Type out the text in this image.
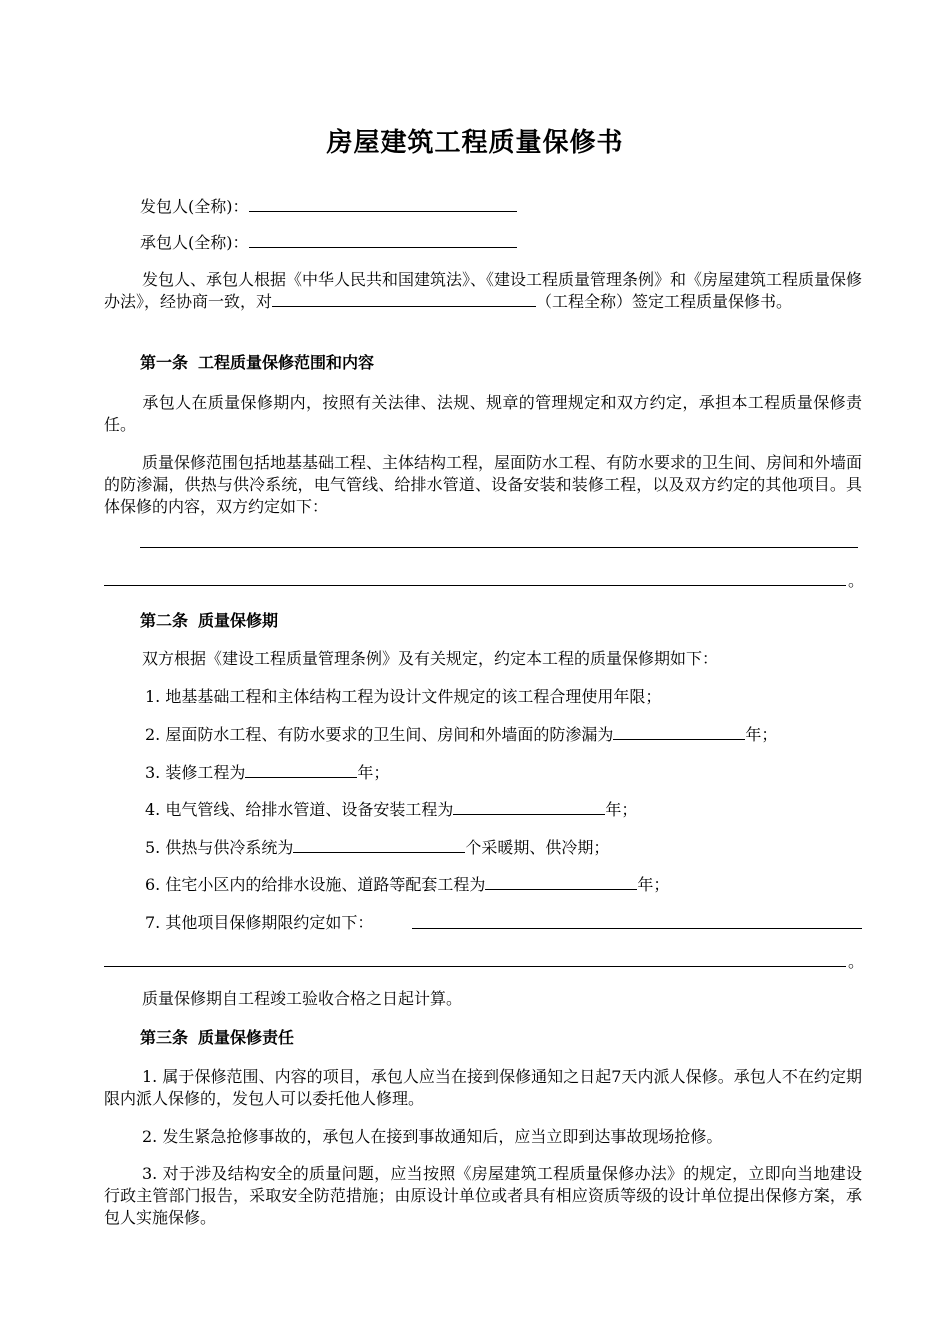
房屋建筑工程质量保修书
发包人(全称)：
承包人(全称)：
发包人、承包人根据《中华人民共和国建筑法》、《建设工程质量管理条例》和《房屋建筑工程质量保修办法》，经协商一致，对	（工程全称）签定工程质量保修书。
第一条 工程质量保修范围和内容
承包人在质量保修期内，按照有关法律、法规、规章的管理规定和双方约定，承担本工程质量保修责任。
质量保修范围包括地基基础工程、主体结构工程，屋面防水工程、有防水要求的卫生间、房间和外墙面的防渗漏，供热与供冷系统，电气管线、给排水管道、设备安装和装修工程，以及双方约定的其他项目。具体保修的内容，双方约定如下：
。
第二条 质量保修期
双方根据《建设工程质量管理条例》及有关规定，约定本工程的质量保修期如下：
1. 地基基础工程和主体结构工程为设计文件规定的该工程合理使用年限；
2. 屋面防水工程、有防水要求的卫生间、房间和外墙面的防渗漏为	年；
3. 装修工程为	年；
4. 电气管线、给排水管道、设备安装工程为	年；
5. 供热与供冷系统为	个采暖期、供冷期；
6. 住宅小区内的给排水设施、道路等配套工程为	年；
7. 其他项目保修期限约定如下：
。
质量保修期自工程竣工验收合格之日起计算。
第三条 质量保修责任
1. 属于保修范围、内容的项目，承包人应当在接到保修通知之日起7天内派人保修。承包人不在约定期限内派人保修的，发包人可以委托他人修理。
2. 发生紧急抢修事故的，承包人在接到事故通知后，应当立即到达事故现场抢修。
3. 对于涉及结构安全的质量问题，应当按照《房屋建筑工程质量保修办法》的规定，立即向当地建设行政主管部门报告，采取安全防范措施；由原设计单位或者具有相应资质等级的设计单位提出保修方案，承包人实施保修。
